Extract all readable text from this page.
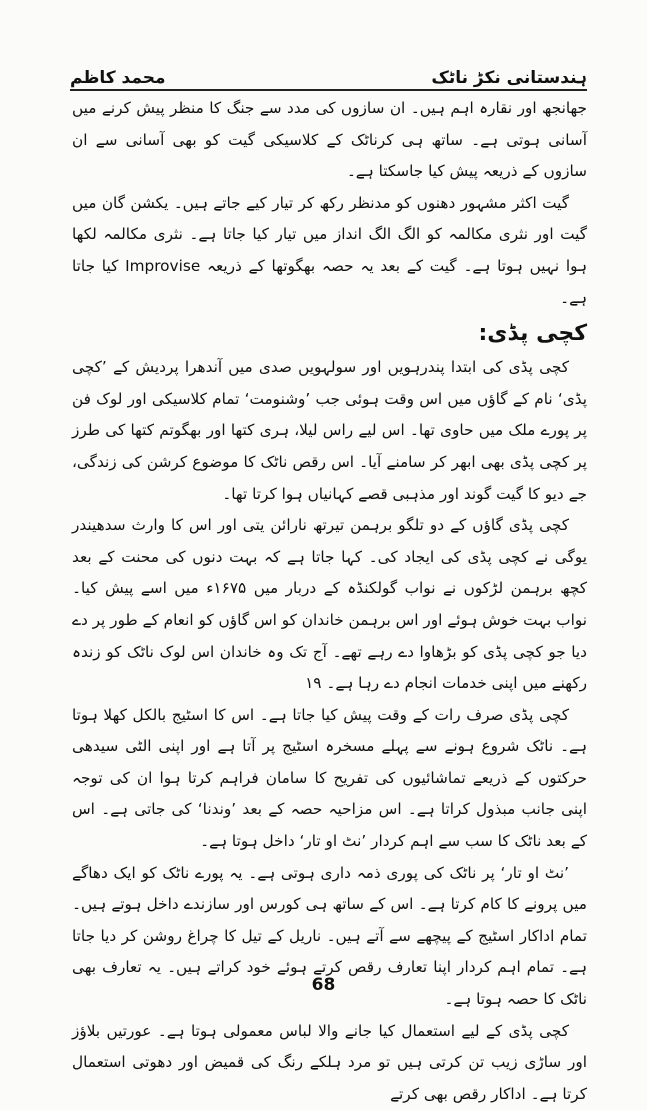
ہندستانی نکڑ ناٹک
محمد کاظم

جھانجھ اور نقارہ اہم ہیں۔ ان سازوں کی مدد سے جنگ کا منظر پیش کرنے میں آسانی ہوتی ہے۔ ساتھ ہی کرناٹک کے کلاسیکی گیت کو بھی آسانی سے ان سازوں کے ذریعہ پیش کیا جاسکتا ہے۔

گیت اکثر مشہور دھنوں کو مدنظر رکھ کر تیار کیے جاتے ہیں۔ یکشن گان میں گیت اور نثری مکالمہ کو الگ الگ انداز میں تیار کیا جاتا ہے۔ نثری مکالمہ لکھا ہوا نہیں ہوتا ہے۔ گیت کے بعد یہ حصہ بھگوتھا کے ذریعہ Improvise کیا جاتا ہے۔

کچی پڈی:

کچی پڈی کی ابتدا پندرہویں اور سولہویں صدی میں آندھرا پردیش کے ’کچی پڈی‘ نام کے گاؤں میں اس وقت ہوئی جب ’وشنومت‘ تمام کلاسیکی اور لوک فن پر پورے ملک میں حاوی تھا۔ اس لیے راس لیلا، ہری کتھا اور بھگوتم کتھا کی طرز پر کچی پڈی بھی ابھر کر سامنے آیا۔ اس رقص ناٹک کا موضوع کرشن کی زندگی، جے دیو کا گیت گوند اور مذہبی قصے کہانیاں ہوا کرتا تھا۔

کچی پڈی گاؤں کے دو تلگو برہمن تیرتھ نارائن یتی اور اس کا وارث سدھیندر یوگی نے کچی پڈی کی ایجاد کی۔ کہا جاتا ہے کہ بہت دنوں کی محنت کے بعد کچھ برہمن لڑکوں نے نواب گولکنڈہ کے دربار میں ۱۶۷۵ء میں اسے پیش کیا۔ نواب بہت خوش ہوئے اور اس برہمن خاندان کو اس گاؤں کو انعام کے طور پر دے دیا جو کچی پڈی کو بڑھاوا دے رہے تھے۔ آج تک وہ خاندان اس لوک ناٹک کو زندہ رکھنے میں اپنی خدمات انجام دے رہا ہے۔ ۱۹

کچی پڈی صرف رات کے وقت پیش کیا جاتا ہے۔ اس کا اسٹیج بالکل کھلا ہوتا ہے۔ ناٹک شروع ہونے سے پہلے مسخرہ اسٹیج پر آتا ہے اور اپنی الٹی سیدھی حرکتوں کے ذریعے تماشائیوں کی تفریح کا سامان فراہم کرتا ہوا ان کی توجہ اپنی جانب مبذول کراتا ہے۔ اس مزاحیہ حصہ کے بعد ’وندنا‘ کی جاتی ہے۔ اس کے بعد ناٹک کا سب سے اہم کردار ’نٹ او تار‘ داخل ہوتا ہے۔

’نٹ او تار‘ پر ناٹک کی پوری ذمہ داری ہوتی ہے۔ یہ پورے ناٹک کو ایک دھاگے میں پرونے کا کام کرتا ہے۔ اس کے ساتھ ہی کورس اور سازندے داخل ہوتے ہیں۔ تمام اداکار اسٹیج کے پیچھے سے آتے ہیں۔ ناریل کے تیل کا چراغ روشن کر دیا جاتا ہے۔ تمام اہم کردار اپنا تعارف رقص کرتے ہوئے خود کراتے ہیں۔ یہ تعارف بھی ناٹک کا حصہ ہوتا ہے۔

کچی پڈی کے لیے استعمال کیا جانے والا لباس معمولی ہوتا ہے۔ عورتیں بلاؤز اور ساڑی زیب تن کرتی ہیں تو مرد ہلکے رنگ کی قمیض اور دھوتی استعمال کرتا ہے۔ اداکار رقص بھی کرتے

68
